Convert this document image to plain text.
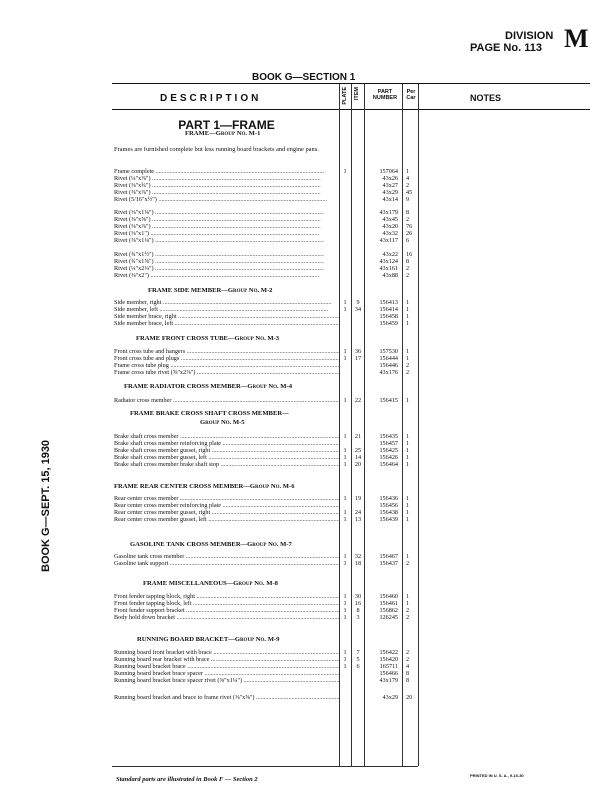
DIVISION
PAGE No. 113 M
BOOK G—SECTION 1
DESCRIPTION	PLATE ITEM	PART NUMBER
Per Car	NOTES
BOOK G—SEPT. 15, 1930
PART 1—FRAME
FRAME—Group No. M-1
Frames are furnished complete but less running board brackets and engine pans.
FRAME SIDE MEMBER—Group No. M-2
FRAME FRONT CROSS TUBE—Group No. M-3
FRAME RADIATOR CROSS MEMBER—Group No. M-4
FRAME BRAKE CROSS SHAFT CROSS MEMBER—
Group No. M-5
FRAME REAR CENTER CROSS MEMBER—Group No. M-6
GASOLINE TANK CROSS MEMBER—Group No. M-7
FRAME MISCELLANEOUS—Group No. M-8
RUNNING BOARD BRACKET—Group No. M-9
Frame complete .....	1	157064 1
Rivet (¼"x⅞") .....	43x26 4
Rivet (⅜"x¾") .....	43x27 2
Rivet (⅜"x⅞") .....	43x29 45
Rivet (5/16"x½") .....	43x14 9
Rivet (⅜"x1⅛") .....	43x179 8
Rivet (⅜"x⅝") .....	43x45 2
Rivet (⅜"x⅞") .....	43x20 76
Rivet (⅜"x1") .....	43x32 26
Rivet (⅜"x1⅛") .....	43x117 6
Rivet (¾"x1½") .....	43x22 16
Rivet (¾"x1⅝") .....	43x124 8
Rivet (¼"x2¼") .....	43x161 2
Rivet (⅜"x2") .....	43x88 2
Side member, right .....	1	9	156413 1
Side member, left .....	1	34	156414 1
Side member brace, right .....	156458 1
Side member brace, left .....	156459 1
Front cross tube and hangers .....	1	36	157530 1
Front cross tube and plugs .....	1	17	156444 1
Frame cross tube plug .....	156446 2
Frame cross tube rivet (⅝"x2⅞") .....	43x176 2
Radiator cross member .....	1	22	156415 1
Brake shaft cross member .....	1	21	156435 1
Brake shaft cross member reinforcing plate .....	156457 1
Brake shaft cross member gusset, right .....	1	25	156425 1
Brake shaft cross member gusset, left .....	1	14	156426 1
Brake shaft cross member brake shaft stop .....	1	20	156464 1
Rear center cross member .....	1	19	156436 1
Rear center cross member reinforcing plate .....	156456 1
Rear center cross member gusset, right .....	1	24	156438 1
Rear center cross member gusset, left .....	1	13	156439 1
Gasoline tank cross member .....	1	32	156467 1
Gasoline tank support .....	1	18	156437 2
Front fender tapping block, right .....	1	30	156460 1
Front fender tapping block, left .....	1	16	156461 1
Front fender support bracket .....	1	8	156862 2
Body hold down bracket .....	1	3	126245 2
Running board front bracket with brace .....	1	7	156422 2
Running board rear bracket with brace .....	1	5	156420 2
Running board bracket brace .....	1	6	165711 4
Running board bracket brace spacer .....	156466 8
Running board bracket brace spacer rivet (⅜"x1¼") .....	43x179 8
Running board bracket and brace to frame rivet (⅜"x⅝") .....	43x29 20
Standard parts are illustrated in Book F — Section 2
PRINTED IN U. S. A., 9-15-30
